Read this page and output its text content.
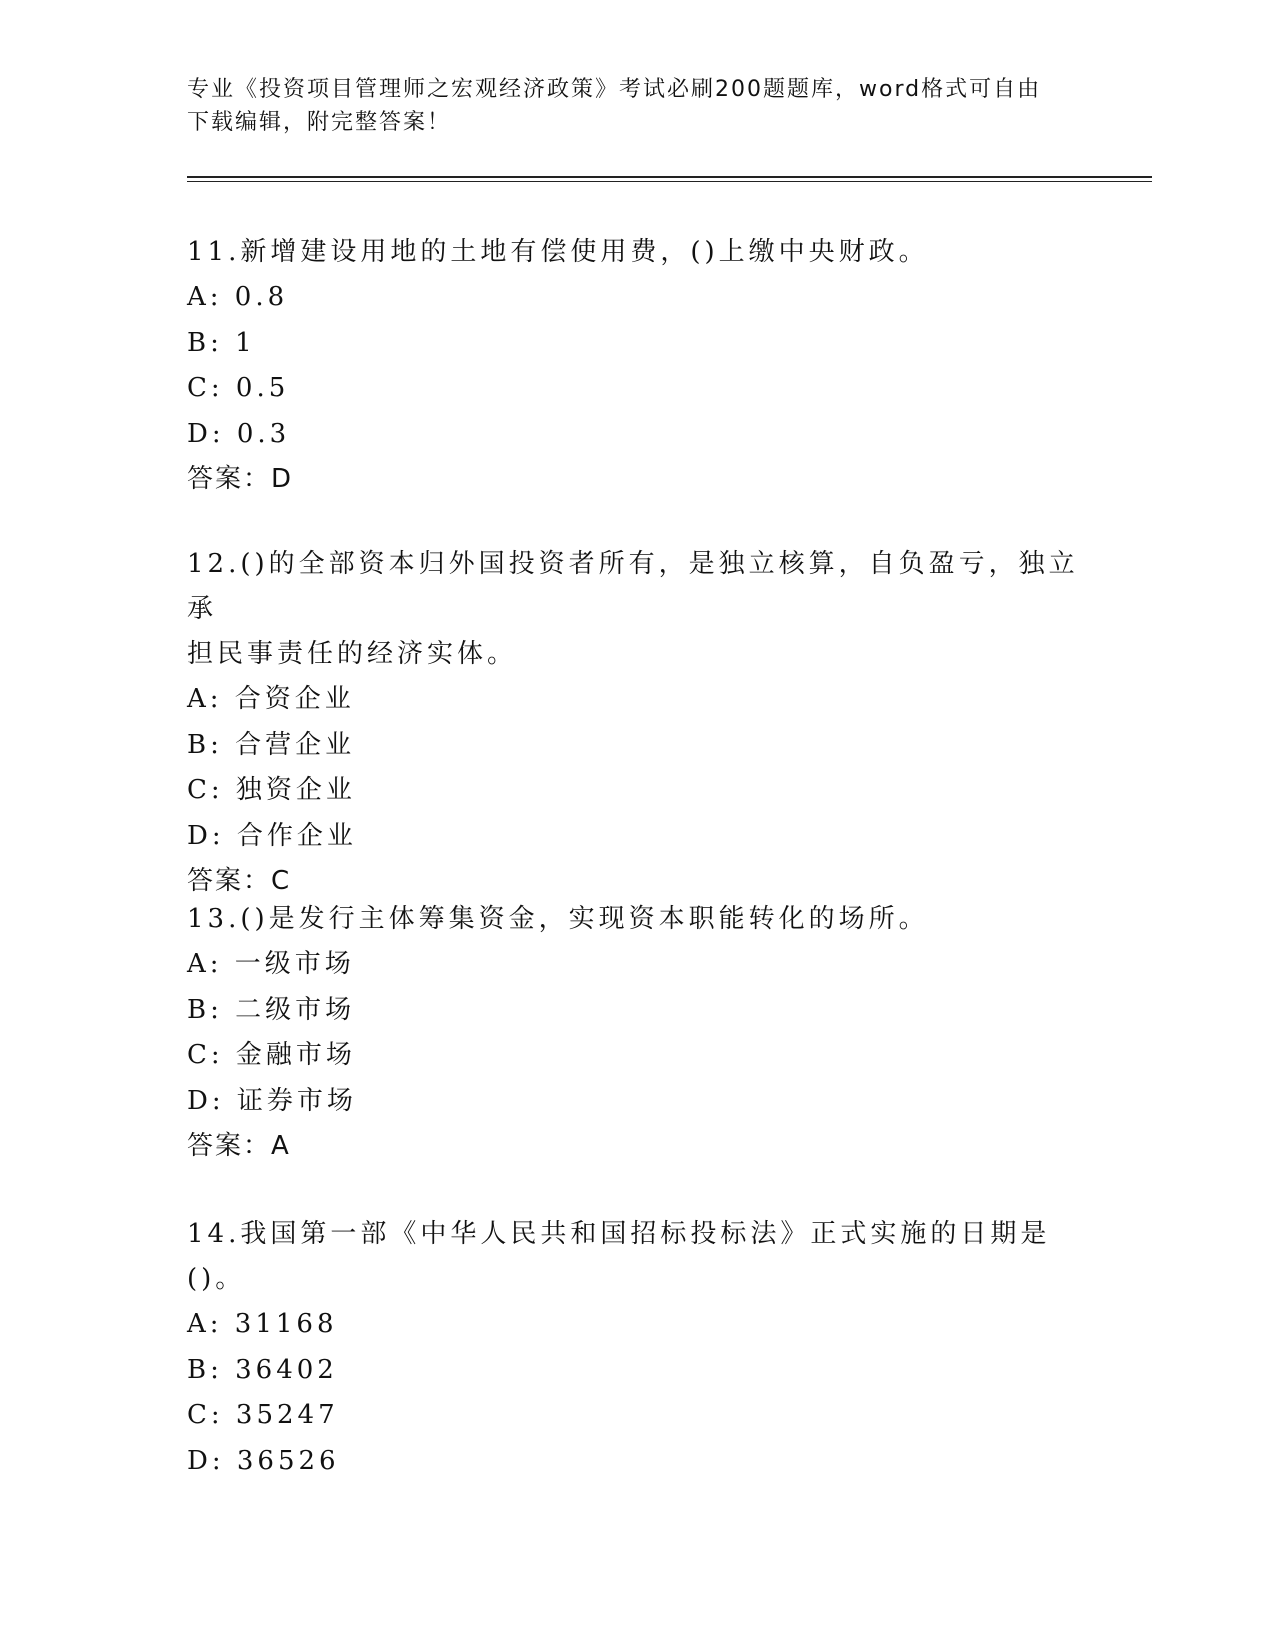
专业《投资项目管理师之宏观经济政策》考试必刷200题题库，word格式可自由
下载编辑，附完整答案！
11.新增建设用地的土地有偿使用费，()上缴中央财政。
A: 0.8
B: 1
C: 0.5
D: 0.3
答案：D
12.()的全部资本归外国投资者所有，是独立核算，自负盈亏，独立承
担民事责任的经济实体。
A: 合资企业
B: 合营企业
C: 独资企业
D: 合作企业
答案：C
13.()是发行主体筹集资金，实现资本职能转化的场所。
A: 一级市场
B: 二级市场
C: 金融市场
D: 证券市场
答案：A
14.我国第一部《中华人民共和国招标投标法》正式实施的日期是()。
A: 31168
B: 36402
C: 35247
D: 36526
